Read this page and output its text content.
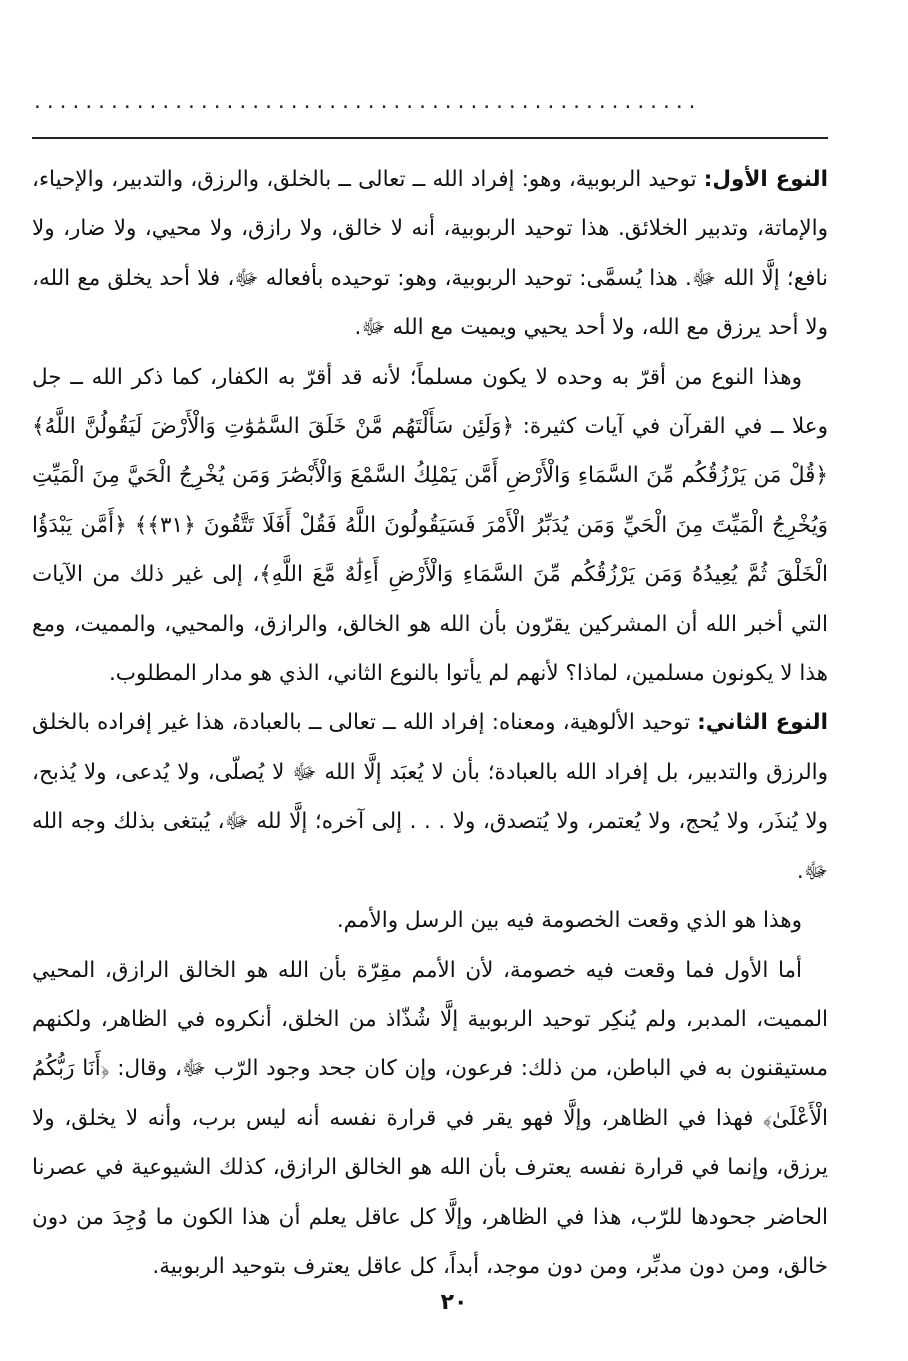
....................................................

النوع الأول: توحيد الربوبية، وهو: إفراد الله ــ تعالى ــ بالخلق، والرزق، والتدبير، والإحياء، والإماتة، وتدبير الخلائق. هذا توحيد الربوبية، أنه لا خالق، ولا رازق، ولا محيي، ولا ضار، ولا نافع؛ إلَّا الله ﷻ. هذا يُسمَّى: توحيد الربوبية، وهو: توحيده بأفعاله ﷻ، فلا أحد يخلق مع الله، ولا أحد يرزق مع الله، ولا أحد يحيي ويميت مع الله ﷻ.

وهذا النوع من أقرّ به وحده لا يكون مسلماً؛ لأنه قد أقرّ به الكفار، كما ذكر الله ــ جل وعلا ــ في القرآن في آيات كثيرة: ﴿وَلَئِن سَأَلْتَهُم مَّنْ خَلَقَ السَّمَٰوَٰتِ وَالْأَرْضَ لَيَقُولُنَّ اللَّهُ﴾ ﴿قُلْ مَن يَرْزُقُكُم مِّنَ السَّمَاءِ وَالْأَرْضِ أَمَّن يَمْلِكُ السَّمْعَ وَالْأَبْصَٰرَ وَمَن يُخْرِجُ الْحَيَّ مِنَ الْمَيِّتِ وَيُخْرِجُ الْمَيِّتَ مِنَ الْحَيِّ وَمَن يُدَبِّرُ الْأَمْرَ فَسَيَقُولُونَ اللَّهُ فَقُلْ أَفَلَا تَتَّقُونَ ﴿٣١﴾﴾ ﴿أَمَّن يَبْدَؤُا الْخَلْقَ ثُمَّ يُعِيدُهُ وَمَن يَرْزُقُكُم مِّنَ السَّمَاءِ وَالْأَرْضِ أَءِلَٰهٌ مَّعَ اللَّهِ﴾، إلى غير ذلك من الآيات التي أخبر الله أن المشركين يقرّون بأن الله هو الخالق، والرازق، والمحيي، والمميت، ومع هذا لا يكونون مسلمين، لماذا؟ لأنهم لم يأتوا بالنوع الثاني، الذي هو مدار المطلوب.

النوع الثاني: توحيد الألوهية، ومعناه: إفراد الله ــ تعالى ــ بالعبادة، هذا غير إفراده بالخلق والرزق والتدبير، بل إفراد الله بالعبادة؛ بأن لا يُعبَد إلَّا الله ﷻ لا يُصلّى، ولا يُدعى، ولا يُذبح، ولا يُنذَر، ولا يُحج، ولا يُعتمر، ولا يُتصدق، ولا . . . إلى آخره؛ إلَّا لله ﷻ، يُبتغى بذلك وجه الله ﷻ.

وهذا هو الذي وقعت الخصومة فيه بين الرسل والأمم.

أما الأول فما وقعت فيه خصومة، لأن الأمم مقِرّة بأن الله هو الخالق الرازق، المحيي المميت، المدبر، ولم يُنكِر توحيد الربوبية إلَّا شُذّاذ من الخلق، أنكروه في الظاهر، ولكنهم مستيقنون به في الباطن، من ذلك: فرعون، وإن كان جحد وجود الرّب ﷻ، وقال: ﴿أَنَا رَبُّكُمُ الْأَعْلَىٰ﴾ فهذا في الظاهر، وإلَّا فهو يقر في قرارة نفسه أنه ليس برب، وأنه لا يخلق، ولا يرزق، وإنما في قرارة نفسه يعترف بأن الله هو الخالق الرازق، كذلك الشيوعية في عصرنا الحاضر جحودها للرّب، هذا في الظاهر، وإلَّا كل عاقل يعلم أن هذا الكون ما وُجِدَ من دون خالق، ومن دون مدبِّر، ومن دون موجد، أبداً، كل عاقل يعترف بتوحيد الربوبية.

٢٠
